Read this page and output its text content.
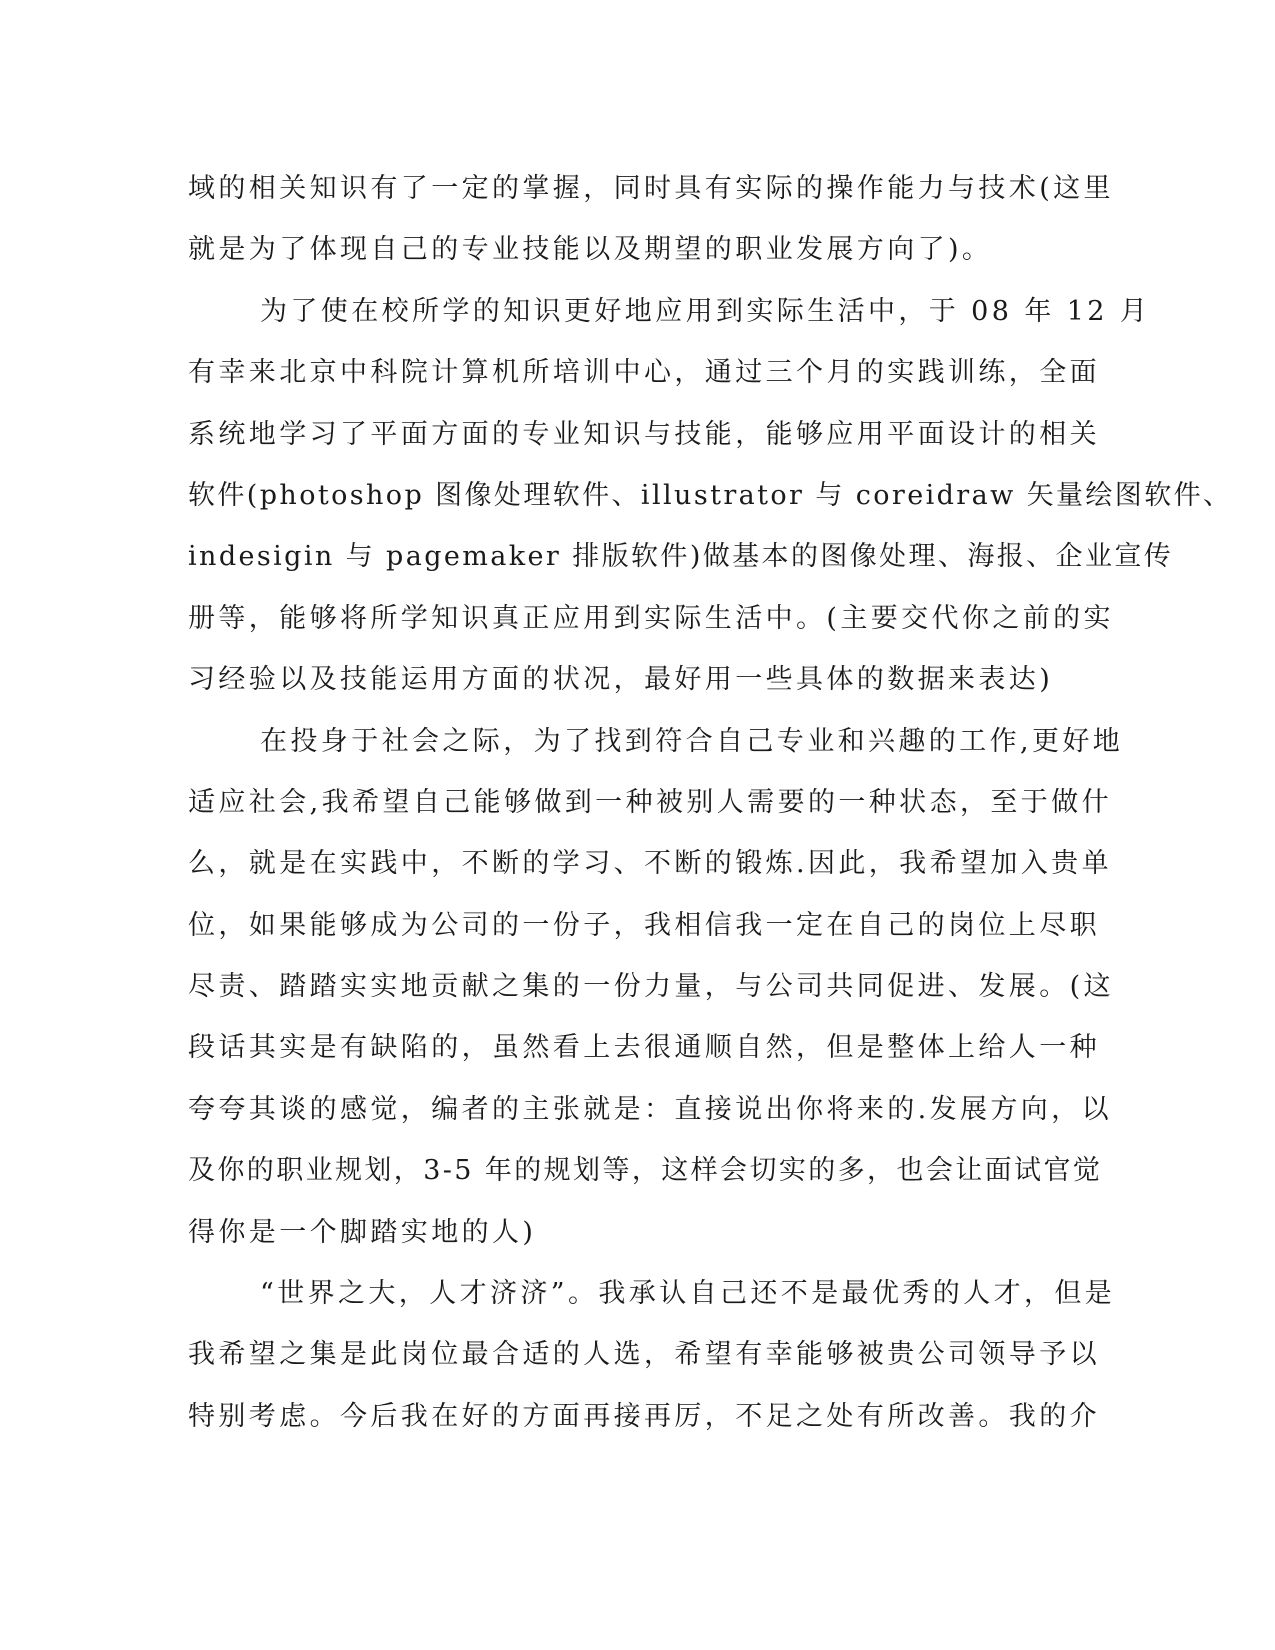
域的相关知识有了一定的掌握，同时具有实际的操作能力与技术(这里
就是为了体现自己的专业技能以及期望的职业发展方向了)。
为了使在校所学的知识更好地应用到实际生活中，于 08 年 12 月
有幸来北京中科院计算机所培训中心，通过三个月的实践训练，全面
系统地学习了平面方面的专业知识与技能，能够应用平面设计的相关
软件(photoshop 图像处理软件、illustrator 与 coreidraw 矢量绘图软件、
indesigin 与 pagemaker 排版软件)做基本的图像处理、海报、企业宣传
册等，能够将所学知识真正应用到实际生活中。(主要交代你之前的实
习经验以及技能运用方面的状况，最好用一些具体的数据来表达)
在投身于社会之际，为了找到符合自己专业和兴趣的工作,更好地
适应社会,我希望自己能够做到一种被别人需要的一种状态，至于做什
么，就是在实践中，不断的学习、不断的锻炼.因此，我希望加入贵单
位，如果能够成为公司的一份子，我相信我一定在自己的岗位上尽职
尽责、踏踏实实地贡献之集的一份力量，与公司共同促进、发展。(这
段话其实是有缺陷的，虽然看上去很通顺自然，但是整体上给人一种
夸夸其谈的感觉，编者的主张就是：直接说出你将来的.发展方向，以
及你的职业规划，3-5 年的规划等，这样会切实的多，也会让面试官觉
得你是一个脚踏实地的人)
“世界之大，人才济济”。我承认自己还不是最优秀的人才，但是
我希望之集是此岗位最合适的人选，希望有幸能够被贵公司领导予以
特别考虑。今后我在好的方面再接再厉，不足之处有所改善。我的介
